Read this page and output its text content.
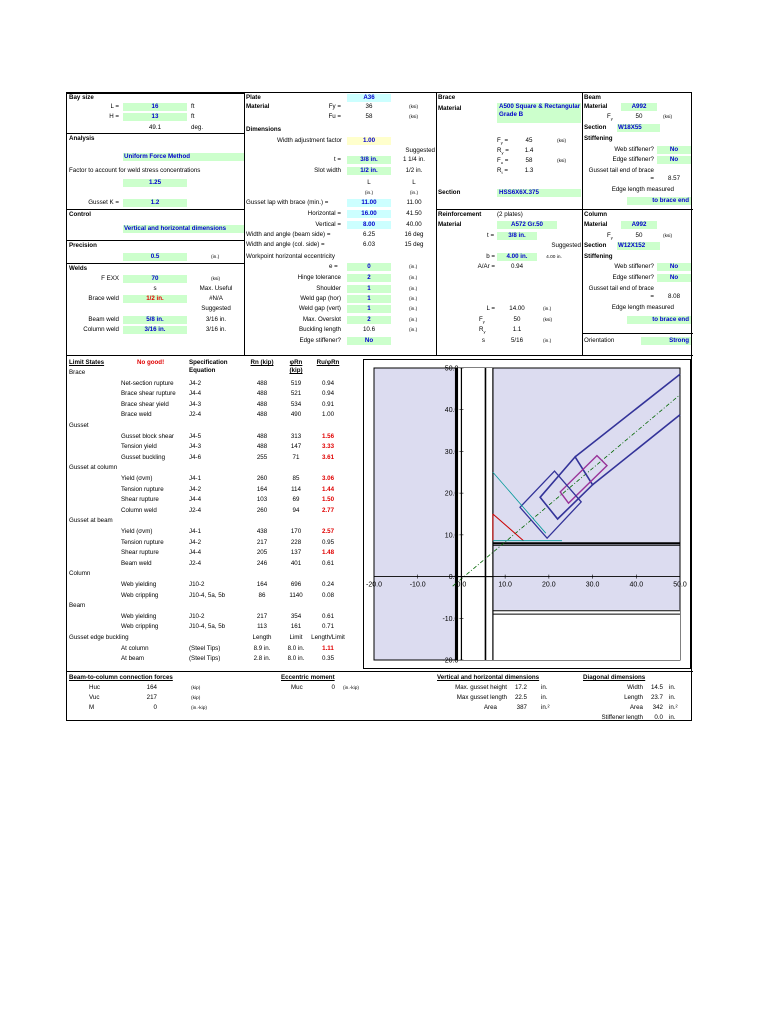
Bay size
L =	16	ft
H =	13	ft
49.1	deg.
Analysis
Uniform Force Method
Factor to account for weld stress concentrations
1.25
Gusset K =	1.2
Control
Vertical and horizontal dimensions
Precision
0.5	(in.)
Welds
F EXX	70	(ksi)
s	Max. Useful
Brace weld	1/2 in.	#N/A
Suggested
Beam weld	5/8 in.	3/16 in.
Column weld	3/16 in.	3/16 in.
Plate	A36
Material	Fy =	36	(ksi)
Fu =	58	(ksi)
Dimensions
Width adjustment factor	1.00
Suggested
t =	3/8 in.	1 1/4 in.
Slot width	1/2 in.	1/2 in.
L	L
(in.)	(in.)
Gusset lap with brace (min.) =	11.00	11.00
Horizontal =	16.00	41.50
Vertical =	8.00	40.00
Width and angle (beam side) =	6.25	16 deg
Width and angle (col. side) =	6.03	15 deg
Workpoint horizontal eccentricity
e =	0	(in.)
Hinge tolerance	2	(in.)
Shoulder	1	(in.)
Weld gap (hor)	1	(in.)
Weld gap (vert)	1	(in.)
Max. Overslot	2	(in.)
Buckling length	10.6	(in.)
Edge stiffener?	No
Brace
Material	A500 Square & Rectangular Grade B
$F_y$ =	45	(ksi)
$R_y$ =	1.4
$F_u$ =	58	(ksi)
$R_t$ =	1.3
Section	HSS6X6X.375
Reinforcement	(2 plates)
Material	A572 Gr.50
t =	3/8 in.
Suggested
b =	4.00 in.	4.00 in.
A/Ar =	0.94
L =	14.00	(in.)
$F_y$	50	(ksi)
$R_y$	1.1
s	5/16	(in.)	Orientation	Strong
Beam
Material	A992
$F_y$	50	(ksi)
Section W18X55
Stiffening
Web stiffener?	No
Edge stiffener?	No
Gusset tail end of brace =	8.57
Edge length measured
to brace end
Column
Material	A992
$F_y$	50	(ksi)
Section W12X152
Stiffening
Web stiffener?	No
Edge stiffener?	No
Gusset tail end of brace =	8.08
Edge length measured
to brace end
Limit States	No good!	Specification Equation
Rn (kip)	φRn (kip)
Ru/φRn
-20.0	-10.0	0.0	10.0	20.0	30.0	40.0	50.0
50.0
40.0
30.0
20.0
10.0
0.0
-10.0
-20.0
Beam-to-column connection forces
Huc	164	(kip)
Vuc	217	(kip)
M	0	(in.-kip)
Eccentric moment
Muc	0 (in.-kip)
Vertical and horizontal dimensions
Max. gusset height	17.2 in.
Max gusset length	22.5 in.
Area	387 in.²
Diagonal dimensions
Width	14.5 in.
Length	23.7 in.
Area	342 in.²
Stiffener length	0.0 in.
Brace
Net-section rupture J4-2	488	519	0.94
Brace shear rupture J4-4	488	521	0.94
Brace shear yield	J4-3	488	534	0.91
Brace weld	J2-4	488	490	1.00
Gusset
Gusset block shear J4-5	488	313	1.56
Tension yield	J4-3	488	147	3.33
Gusset buckling	J4-6	255	71	3.61
Gusset at column
Yield (σvm)	J4-1	260	85	3.06
Tension rupture	J4-2	164	114	1.44
Shear rupture	J4-4	103	69	1.50
Column weld	J2-4	260	94	2.77
Gusset at beam
Yield (σvm)	J4-1	438	170	2.57
Tension rupture	J4-2	217	228	0.95
Shear rupture	J4-4	205	137	1.48
Beam weld	J2-4	246	401	0.61
Column
Web yielding	J10-2	164	696	0.24
Web crippling	J10-4, 5a, 5b	86	1140	0.08
Beam
Web yielding	J10-2	217	354	0.61
Web crippling	J10-4, 5a, 5b	113	161	0.71
Gusset edge buckling	Length	Limit	Length/Limit
At column	(Steel Tips)	8.9 in.	8.0 in.	1.11
At beam	(Steel Tips)	2.8 in.	8.0 in.	0.35
